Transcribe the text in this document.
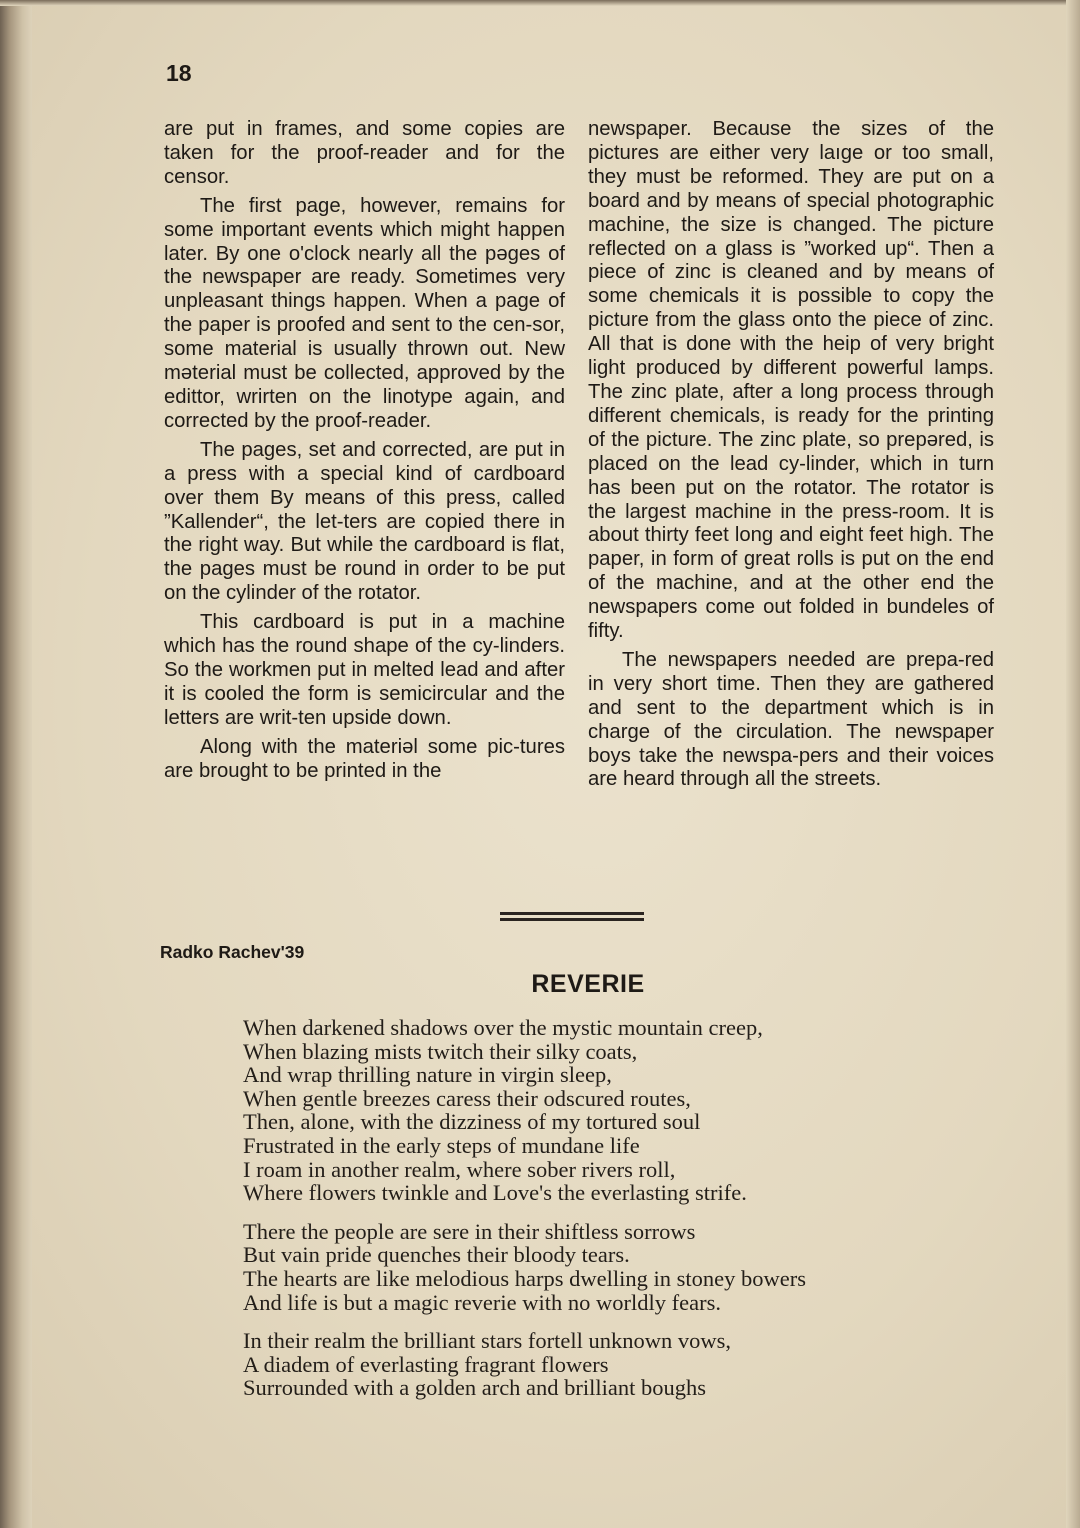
18

are put in frames, and some copies are taken for the proof-reader and for the censor.

The first page, however, remains for some important events which might happen later. By one o'clock nearly all the pəges of the newspaper are ready. Sometimes very unpleasant things happen. When a page of the paper is proofed and sent to the cen-sor, some material is usually thrown out. New məterial must be collected, approved by the edittor, wrirten on the linotype again, and corrected by the proof-reader.

The pages, set and corrected, are put in a press with a special kind of cardboard over them By means of this press, called ”Kallender“, the let-ters are copied there in the right way. But while the cardboard is flat, the pages must be round in order to be put on the cylinder of the rotator.

This cardboard is put in a machine which has the round shape of the cy-linders. So the workmen put in melted lead and after it is cooled the form is semicircular and the letters are writ-ten upside down.

Along with the materiəl some pic-tures are brought to be printed in the

newspaper. Because the sizes of the pictures are either very laıge or too small, they must be reformed. They are put on a board and by means of special photographic machine, the size is changed. The picture reflected on a glass is ”worked up“. Then a piece of zinc is cleaned and by means of some chemicals it is possible to copy the picture from the glass onto the piece of zinc. All that is done with the heip of very bright light produced by different powerful lamps. The zinc plate, after a long process through different chemicals, is ready for the printing of the picture. The zinc plate, so prepəred, is placed on the lead cy-linder, which in turn has been put on the rotator. The rotator is the largest machine in the press-room. It is about thirty feet long and eight feet high. The paper, in form of great rolls is put on the end of the machine, and at the other end the newspapers come out folded in bundeles of fifty.

The newspapers needed are prepa-red in very short time. Then they are gathered and sent to the department which is in charge of the circulation. The newspaper boys take the newspa-pers and their voices are heard through all the streets.

Radko Rachev'39
REVERIE
When darkened shadows over the mystic mountain creep,
When blazing mists twitch their silky coats,
And wrap thrilling nature in virgin sleep,
When gentle breezes caress their odscured routes,
Then, alone, with the dizziness of my tortured soul
Frustrated in the early steps of mundane life
I roam in another realm, where sober rivers roll,
Where flowers twinkle and Love's the everlasting strife.
There the people are sere in their shiftless sorrows
But vain pride quenches their bloody tears.
The hearts are like melodious harps dwelling in stoney bowers
And life is but a magic reverie with no worldly fears.
In their realm the brilliant stars fortell unknown vows,
A diadem of everlasting fragrant flowers
Surrounded with a golden arch and brilliant boughs
